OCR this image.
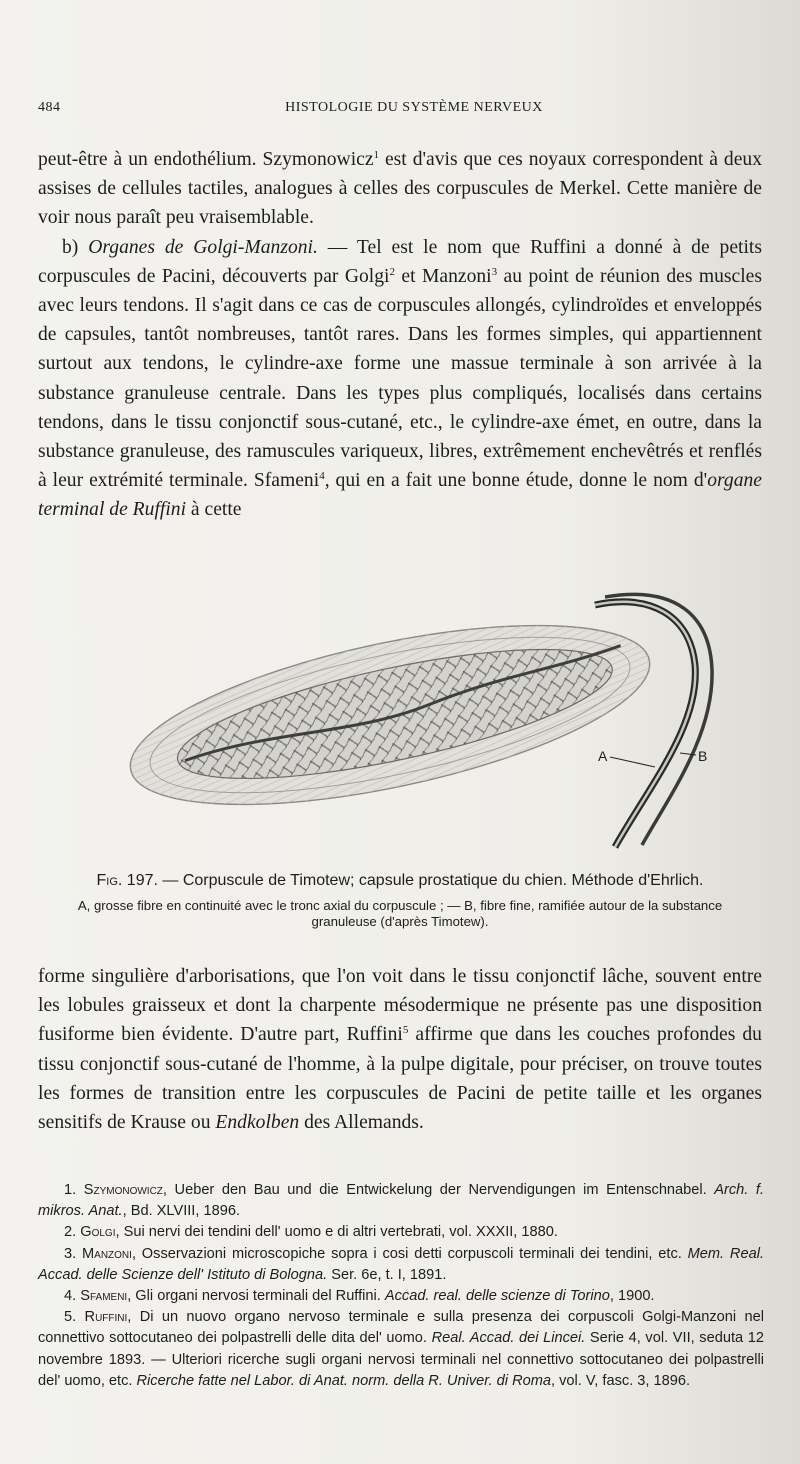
484	HISTOLOGIE DU SYSTÈME NERVEUX

peut-être à un endothélium. Szymonowicz$^1$ est d'avis que ces noyaux correspondent à deux assises de cellules tactiles, analogues à celles des corpuscules de Merkel. Cette manière de voir nous paraît peu vraisemblable.

b) Organes de Golgi-Manzoni. — Tel est le nom que Ruffini a donné à de petits corpuscules de Pacini, découverts par Golgi$^2$ et Manzoni$^3$ au point de réunion des muscles avec leurs tendons. Il s'agit dans ce cas de corpuscules allongés, cylindroïdes et enveloppés de capsules, tantôt nombreuses, tantôt rares. Dans les formes simples, qui appartiennent surtout aux tendons, le cylindre-axe forme une massue terminale à son arrivée à la substance granuleuse centrale. Dans les types plus compliqués, localisés dans certains tendons, dans le tissu conjonctif sous-cutané, etc., le cylindre-axe émet, en outre, dans la substance granuleuse, des ramuscules variqueux, libres, extrêmement enchevêtrés et renflés à leur extrémité terminale. Sfameni$^4$, qui en a fait une bonne étude, donne le nom d'organe terminal de Ruffini à cette

A	B

Fig. 197. — Corpuscule de Timotew; capsule prostatique du chien. Méthode d'Ehrlich.

A, grosse fibre en continuité avec le tronc axial du corpuscule ; — B, fibre fine, ramifiée autour de la substance granuleuse (d'après Timotew).

forme singulière d'arborisations, que l'on voit dans le tissu conjonctif lâche, souvent entre les lobules graisseux et dont la charpente mésodermique ne présente pas une disposition fusiforme bien évidente. D'autre part, Ruffini$^5$ affirme que dans les couches profondes du tissu conjonctif sous-cutané de l'homme, à la pulpe digitale, pour préciser, on trouve toutes les formes de transition entre les corpuscules de Pacini de petite taille et les organes sensitifs de Krause ou Endkolben des Allemands.

1. Szymonowicz, Ueber den Bau und die Entwickelung der Nervendigungen im Entenschnabel. Arch. f. mikros. Anat., Bd. XLVIII, 1896.

2. Golgi, Sui nervi dei tendini dell' uomo e di altri vertebrati, vol. XXXII, 1880.

3. Manzoni, Osservazioni microscopiche sopra i cosi detti corpuscoli terminali dei tendini, etc. Mem. Real. Accad. delle Scienze dell' Istituto di Bologna. Ser. 6e, t. I, 1891.

4. Sfameni, Gli organi nervosi terminali del Ruffini. Accad. real. delle scienze di Torino, 1900.

5. Ruffini, Di un nuovo organo nervoso terminale e sulla presenza dei corpuscoli Golgi-Manzoni nel connettivo sottocutaneo dei polpastrelli delle dita del' uomo. Real. Accad. dei Lincei. Serie 4, vol. VII, seduta 12 novembre 1893. — Ulteriori ricerche sugli organi nervosi terminali nel connettivo sottocutaneo dei polpastrelli del' uomo, etc. Ricerche fatte nel Labor. di Anat. norm. della R. Univer. di Roma, vol. V, fasc. 3, 1896.
